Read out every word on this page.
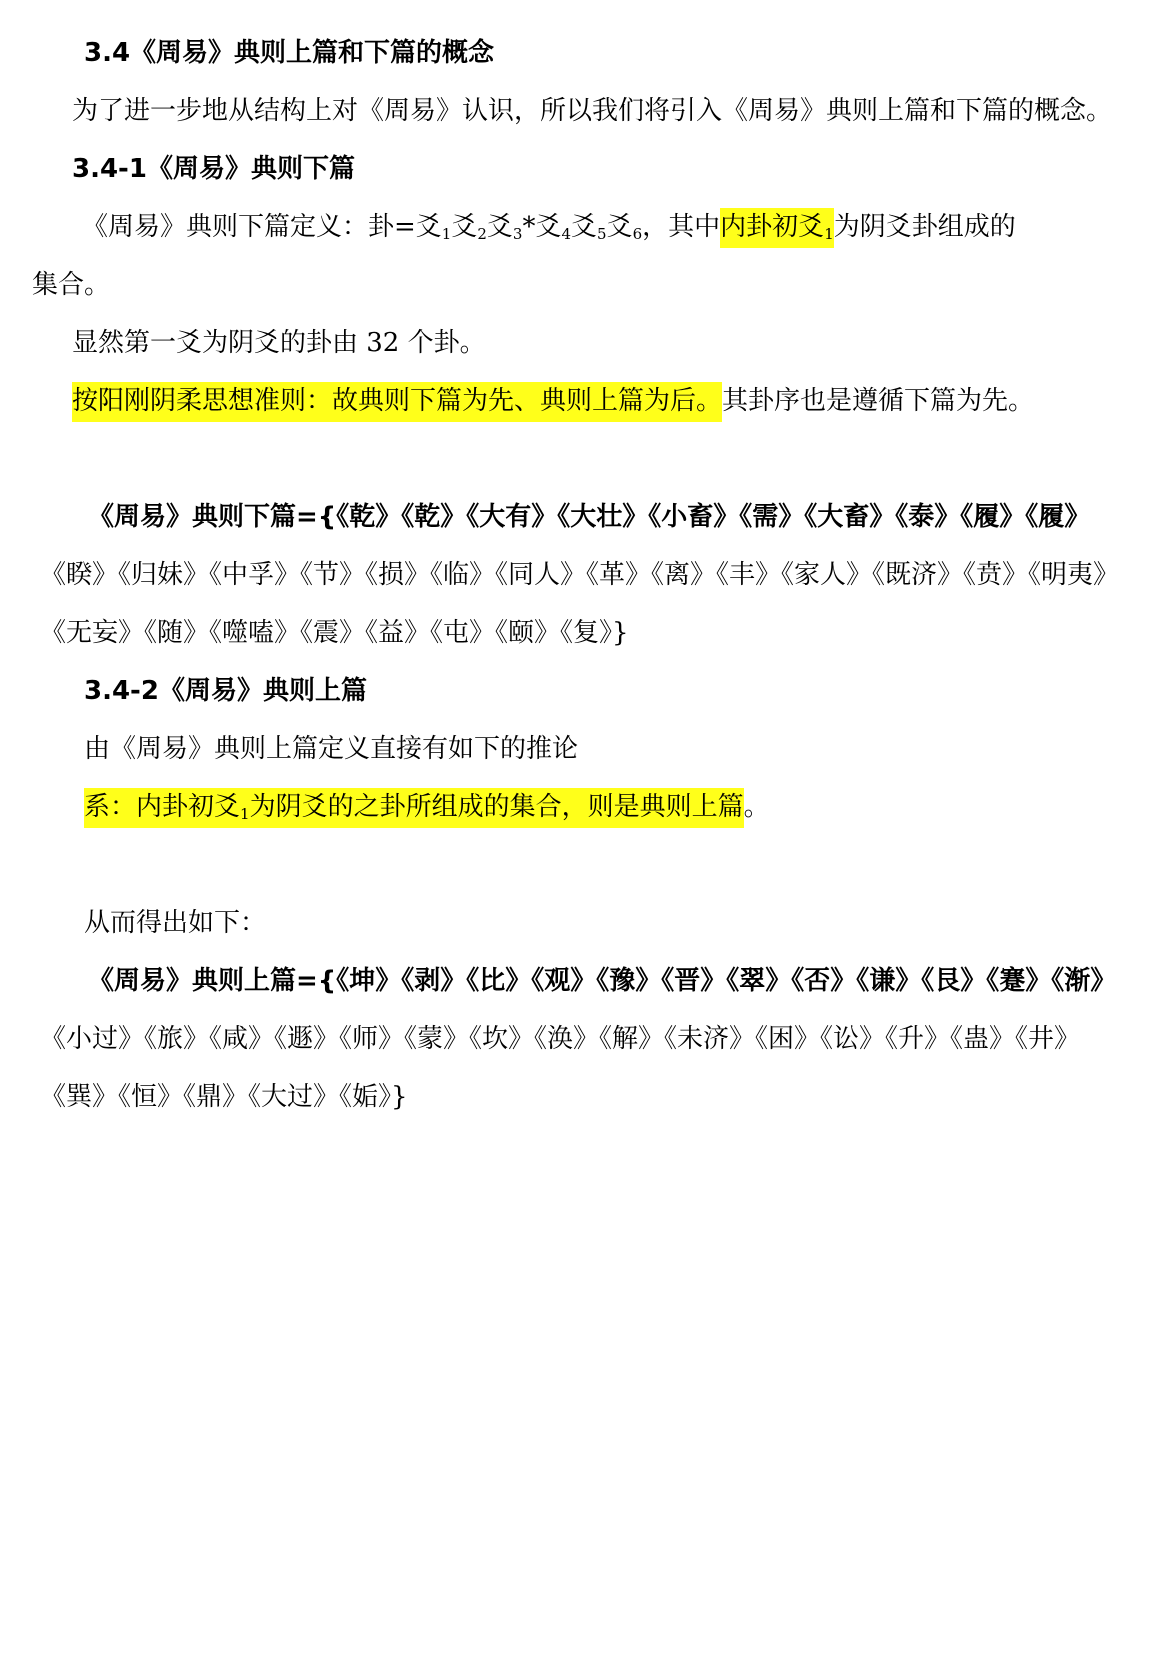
3.4《周易》典则上篇和下篇的概念
为了进一步地从结构上对《周易》认识，所以我们将引入《周易》典则上篇和下篇的概念。
3.4-1《周易》典则下篇
《周易》典则下篇定义：卦=爻$_1$爻$_2$爻$_3$*爻$_4$爻$_5$爻$_6$，其中内卦初爻$_1$为阴爻卦组成的
集合。
显然第一爻为阴爻的卦由 32 个卦。
按阳刚阴柔思想准则：故典则下篇为先、典则上篇为后。其卦序也是遵循下篇为先。
《周易》典则下篇={《乾》《乾》《大有》《大壮》《小畜》《需》《大畜》《泰》《履》《履》
《睽》《归妹》《中孚》《节》《损》《临》《同人》《革》《离》《丰》《家人》《既济》《贲》《明夷》
《无妄》《随》《噬嗑》《震》《益》《屯》《颐》《复》}
3.4-2《周易》典则上篇
由《周易》典则上篇定义直接有如下的推论
系：内卦初爻$_1$为阴爻的之卦所组成的集合，则是典则上篇。
从而得出如下：
《周易》典则上篇={《坤》《剥》《比》《观》《豫》《晋》《翠》《否》《谦》《艮》《蹇》《渐》
《小过》《旅》《咸》《遯》《师》《蒙》《坎》《涣》《解》《未济》《困》《讼》《升》《蛊》《井》
《巽》《恒》《鼎》《大过》《姤》}
